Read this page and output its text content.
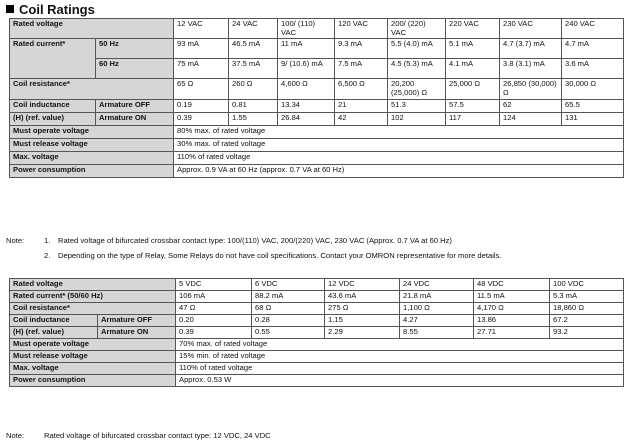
Coil Ratings
Rated voltage		12 VAC	24 VAC	100/ (110) VAC	120 VAC	200/ (220) VAC	220 VAC	230 VAC	240 VAC
Rated current*	50 Hz	93 mA	46.5 mA	11 mA	9.3 mA	5.5 (4.0) mA	5.1 mA	4.7 (3.7) mA	4.7 mA
	60 Hz	75 mA	37.5 mA	9/ (10.6) mA	7.5 mA	4.5 (5.3) mA	4.1 mA	3.8 (3.1) mA	3.6 mA
Coil resistance*		65 Ω	260 Ω	4,600 Ω	6,500 Ω	20,200 (25,000) Ω	25,000 Ω	26,850 (30,000) Ω	30,000 Ω
Coil inductance	Armature OFF	0.19	0.81	13.34	21	51.3	57.5	62	65.5
(H) (ref. value)	Armature ON	0.39	1.55	26.84	42	102	117	124	131
Must operate voltage		80% max. of rated voltage							
Must release voltage		30% max. of rated voltage							
Max. voltage		110% of rated voltage							
Power consumption		Approx. 0.9 VA at 60 Hz (approx. 0.7 VA at 60 Hz)							
Note:	1. Rated voltage of bifurcated crossbar contact type: 100/(110) VAC, 200/(220) VAC, 230 VAC (Approx. 0.7 VA at 60 Hz)
2. Depending on the type of Relay, Some Relays do not have coil specifications. Contact your OMRON representative for more details.
Rated voltage		5 VDC	6 VDC	12 VDC	24 VDC	48 VDC	100 VDC
Rated current* (50/60 Hz)		106 mA	88.2 mA	43.6 mA	21.8 mA	11.5 mA	5.3 mA
Coil resistance*		47 Ω	68 Ω	275 Ω	1,100 Ω	4,170 Ω	18,860 Ω
Coil inductance	Armature OFF	0.20	0.28	1.15	4.27	13.86	67.2
(H) (ref. value)	Armature ON	0.39	0.55	2.29	8.55	27.71	93.2
Must operate voltage		70% max. of rated voltage					
Must release voltage		15% min. of rated voltage					
Max. voltage		110% of rated voltage					
Power consumption		Approx. 0.53 W					
Note:	Rated voltage of bifurcated crossbar contact type: 12 VDC, 24 VDC
